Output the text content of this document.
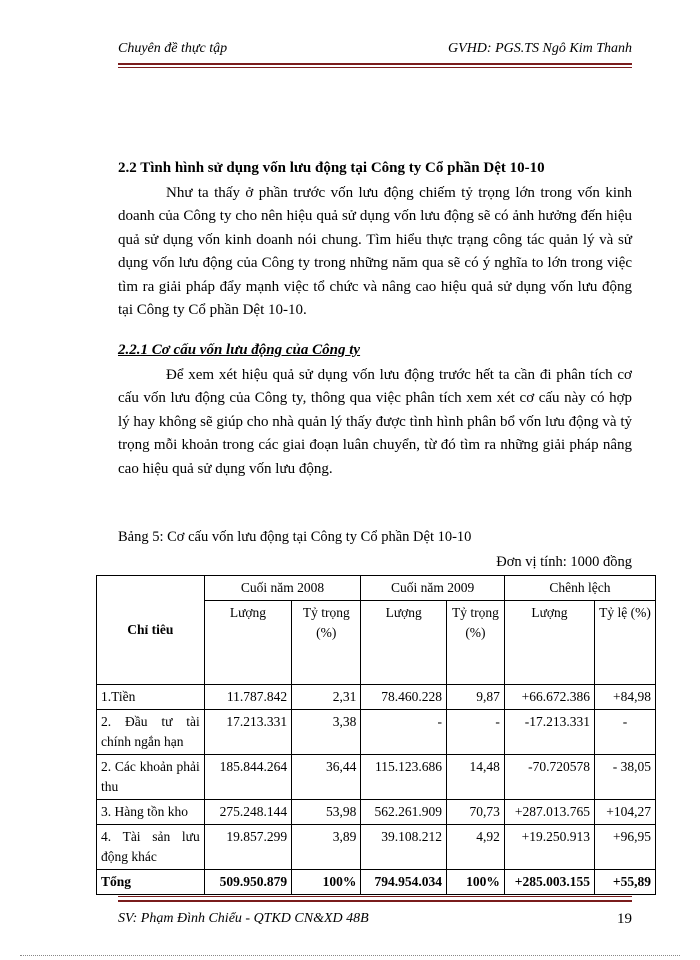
Chuyên đề thực tập	GVHD: PGS.TS Ngô Kim Thanh
2.2 Tình hình sử dụng vốn lưu động tại Công ty Cổ phần Dệt 10-10
Như ta thấy ở phần trước vốn lưu động chiếm tỷ trọng lớn trong vốn kinh doanh của Công ty cho nên hiệu quả sử dụng vốn lưu động sẽ có ảnh hưởng đến hiệu quả sử dụng vốn kinh doanh nói chung. Tìm hiểu thực trạng công tác quản lý và sử dụng vốn lưu động của Công ty trong những năm qua sẽ có ý nghĩa to lớn trong việc tìm ra giải pháp đẩy mạnh việc tổ chức và nâng cao hiệu quả sử dụng vốn lưu động tại Công ty Cổ phần Dệt 10-10.
2.2.1 Cơ cấu vốn lưu động của Công ty
Để xem xét hiệu quả sử dụng vốn lưu động trước hết ta cần đi phân tích cơ cấu vốn lưu động của Công ty, thông qua việc phân tích xem xét cơ cấu này có hợp lý hay không sẽ giúp cho nhà quản lý thấy được tình hình phân bổ vốn lưu động và tỷ trọng mỗi khoản trong các giai đoạn luân chuyển, từ đó tìm ra những giải pháp nâng cao hiệu quả sử dụng vốn lưu động.
Bảng 5: Cơ cấu vốn lưu động tại Công ty Cổ phần Dệt 10-10
Đơn vị tính: 1000 đồng
Chỉ tiêu	Cuối năm 2008		Cuối năm 2009		Chênh lệch	
	Lượng	Tỷ trọng (%)	Lượng	Tỷ trọng (%)	Lượng	Tỷ lệ (%)
1.Tiền	11.787.842	2,31	78.460.228	9,87	+66.672.386	+84,98
2. Đầu tư tài chính ngắn hạn	17.213.331	3,38	-	-	-17.213.331	-
2. Các khoản phải thu	185.844.264	36,44	115.123.686	14,48	-70.720578	- 38,05
3. Hàng tồn kho	275.248.144	53,98	562.261.909	70,73	+287.013.765	+104,27
4. Tài sản lưu động khác	19.857.299	3,89	39.108.212	4,92	+19.250.913	+96,95
Tổng	509.950.879	100%	794.954.034	100%	+285.003.155	+55,89
SV: Phạm Đình Chiểu - QTKD CN&XD 48B	19
